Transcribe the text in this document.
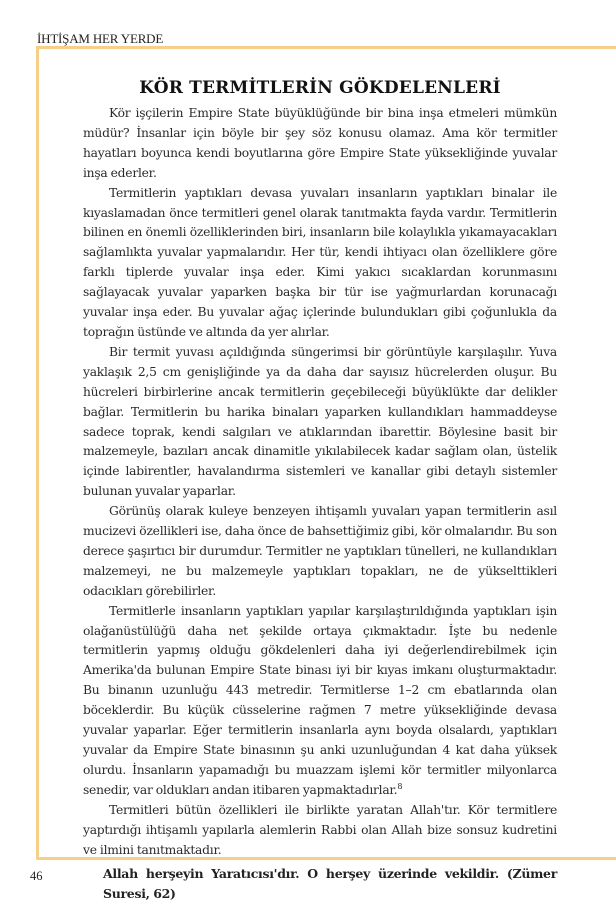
İHTİŞAM HER YERDE
KÖR TERMİTLERİN GÖKDELENLERİ

Kör işçilerin Empire State büyüklüğünde bir bina inşa etmeleri mümkün müdür? İnsanlar için böyle bir şey söz konusu olamaz. Ama kör termitler hayatları boyunca kendi boyutlarına göre Empire State yüksekliğinde yuvalar inşa ederler.

Termitlerin yaptıkları devasa yuvaları insanların yaptıkları binalar ile kıyaslamadan önce termitleri genel olarak tanıtmakta fayda vardır. Termitlerin bilinen en önemli özelliklerinden biri, insanların bile kolaylıkla yıkamayacakları sağlamlıkta yuvalar yapmalarıdır. Her tür, kendi ihtiyacı olan özelliklere göre farklı tiplerde yuvalar inşa eder. Kimi yakıcı sıcaklardan korunmasını sağlayacak yuvalar yaparken başka bir tür ise yağmurlardan korunacağı yuvalar inşa eder. Bu yuvalar ağaç içlerinde bulundukları gibi çoğunlukla da toprağın üstünde ve altında da yer alırlar.

Bir termit yuvası açıldığında süngerimsi bir görüntüyle karşılaşılır. Yuva yaklaşık 2,5 cm genişliğinde ya da daha dar sayısız hücrelerden oluşur. Bu hücreleri birbirlerine ancak termitlerin geçebileceği büyüklükte dar delikler bağlar. Termitlerin bu harika binaları yaparken kullandıkları hammaddeyse sadece toprak, kendi salgıları ve atıklarından ibarettir. Böylesine basit bir malzemeyle, bazıları ancak dinamitle yıkılabilecek kadar sağlam olan, üstelik içinde labirentler, havalandırma sistemleri ve kanallar gibi detaylı sistemler bulunan yuvalar yaparlar.

Görünüş olarak kuleye benzeyen ihtişamlı yuvaları yapan termitlerin asıl mucizevi özellikleri ise, daha önce de bahsettiğimiz gibi, kör olmalarıdır. Bu son derece şaşırtıcı bir durumdur. Termitler ne yaptıkları tünelleri, ne kullandıkları malzemeyi, ne bu malzemeyle yaptıkları topakları, ne de yükselttikleri odacıkları görebilirler.

Termitlerle insanların yaptıkları yapılar karşılaştırıldığında yaptıkları işin olağanüstülüğü daha net şekilde ortaya çıkmaktadır. İşte bu nedenle termitlerin yapmış olduğu gökdelenleri daha iyi değerlendirebilmek için Amerika'da bulunan Empire State binası iyi bir kıyas imkanı oluşturmaktadır. Bu binanın uzunluğu 443 metredir. Termitlerse 1–2 cm ebatlarında olan böceklerdir. Bu küçük cüsselerine rağmen 7 metre yüksekliğinde devasa yuvalar yaparlar. Eğer termitlerin insanlarla aynı boyda olsalardı, yaptıkları yuvalar da Empire State binasının şu anki uzunluğundan 4 kat daha yüksek olurdu. İnsanların yapamadığı bu muazzam işlemi kör termitler milyonlarca senedir, var oldukları andan itibaren yapmaktadırlar.$^8$

Termitleri bütün özellikleri ile birlikte yaratan Allah'tır. Kör termitlere yaptırdığı ihtişamlı yapılarla alemlerin Rabbi olan Allah bize sonsuz kudretini ve ilmini tanıtmaktadır.

Allah herşeyin Yaratıcısı'dır. O herşey üzerinde vekildir. (Zümer Suresi, 62)

46
